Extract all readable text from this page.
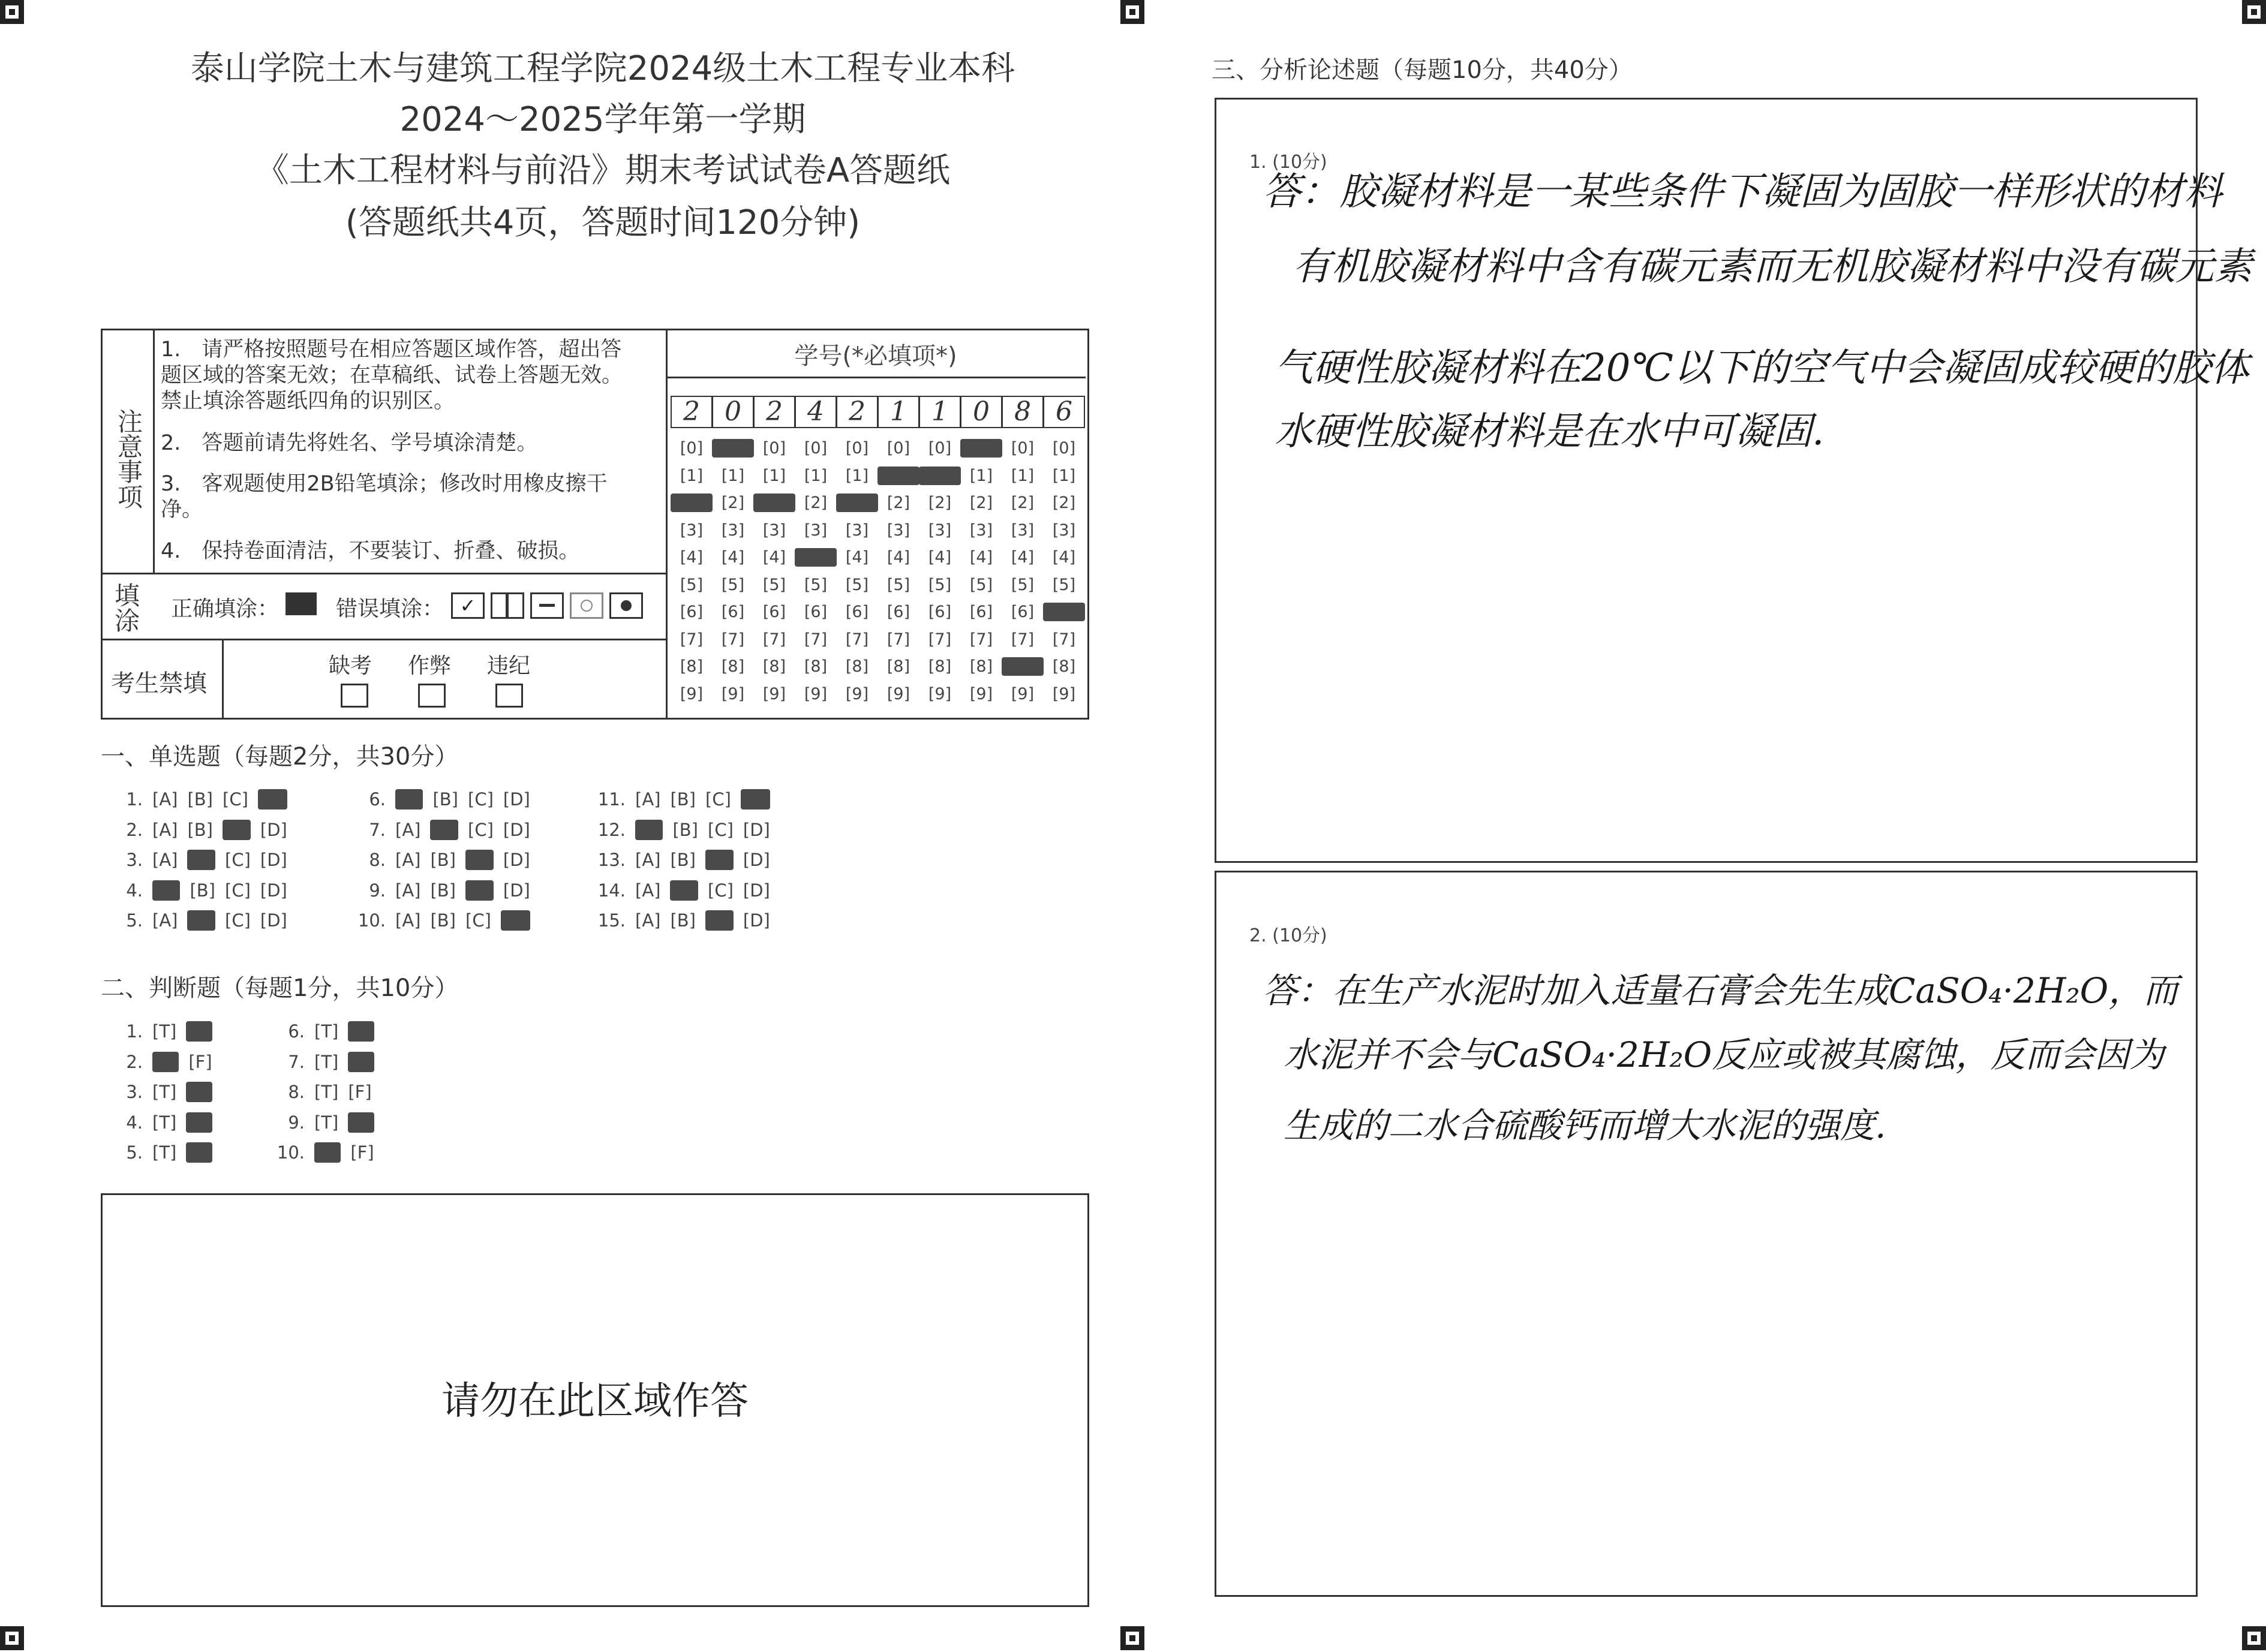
泰山学院土木与建筑工程学院2024级土木工程专业本科
2024～2025学年第一学期
《土木工程材料与前沿》期末考试试卷A答题纸
(答题纸共4页，答题时间120分钟)
注意事项
1.　请严格按照题号在相应答题区域作答，超出答题区域的答案无效；在草稿纸、试卷上答题无效。禁止填涂答题纸四角的识别区。
2.　答题前请先将姓名、学号填涂清楚。
3.　客观题使用2B铅笔填涂；修改时用橡皮擦干净。
4.　保持卷面清洁，不要装订、折叠、破损。
填涂 正确填涂：	错误填涂： ✓
考生禁填
缺考 作弊 违纪
学号(*必填项*)
2 0 2 4 2 1 1 0 8 6
[0]
[1]
[2]
[3]
[4]
[5]
[6]
[7]
[8]
[9]
[0]
[1]
[2]
[3]
[4]
[5]
[6]
[7]
[8]
[9]
[0]
[1]
[2]
[3]
[4]
[5]
[6]
[7]
[8]
[9]
[0]
[1]
[2]
[3]
[4]
[5]
[6]
[7]
[8]
[9]
[0]
[1]
[2]
[3]
[4]
[5]
[6]
[7]
[8]
[9]
[0]
[1]
[2]
[3]
[4]
[5]
[6]
[7]
[8]
[9]
[0]
[1]
[2]
[3]
[4]
[5]
[6]
[7]
[8]
[9]
[0]
[1]
[2]
[3]
[4]
[5]
[6]
[7]
[8]
[9]
[0]
[1]
[2]
[3]
[4]
[5]
[6]
[7]
[8]
[9]
[0]
[1]
[2]
[3]
[4]
[5]
[6]
[7]
[8]
[9]
一、单选题（每题2分，共30分）
1. [A] [B] [C] [D]
2. [A] [B] [C] [D]
3. [A] [B] [C] [D]
4. [A] [B] [C] [D]
5. [A] [B] [C] [D]
6. [A] [B] [C] [D]
7. [A] [B] [C] [D]
8. [A] [B] [C] [D]
9. [A] [B] [C] [D]
10. [A] [B] [C] [D]
11. [A] [B] [C] [D]
12. [A] [B] [C] [D]
13. [A] [B] [C] [D]
14. [A] [B] [C] [D]
15. [A] [B] [C] [D]
二、判断题（每题1分，共10分）
1. [T] [F]
2. [T] [F]
3. [T] [F]
4. [T] [F]
5. [T] [F]
6. [T] [F]
7. [T] [F]
8. [T] [F]
9. [T] [F]
10. [T] [F]
请勿在此区域作答
三、分析论述题（每题10分，共40分）
1. (10分)
答：胶凝材料是一某些条件下凝固为固胶一样形状的材料
有机胶凝材料中含有碳元素而无机胶凝材料中没有碳元素
气硬性胶凝材料在20℃以下的空气中会凝固成较硬的胶体
水硬性胶凝材料是在水中可凝固.
2. (10分)
答：在生产水泥时加入适量石膏会先生成CaSO₄·2H₂O，而
水泥并不会与CaSO₄·2H₂O反应或被其腐蚀，反而会因为
生成的二水合硫酸钙而增大水泥的强度.
